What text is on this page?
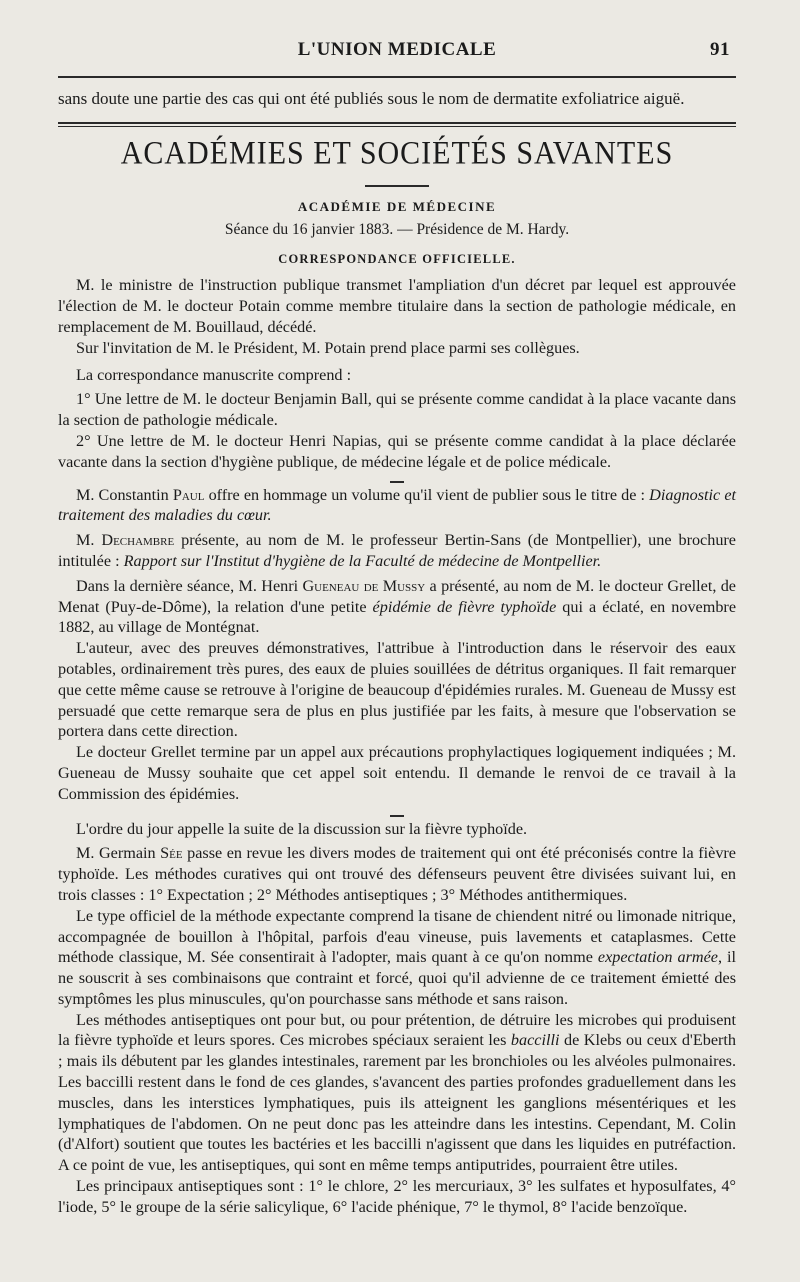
L'UNION MEDICALE	91

sans doute une partie des cas qui ont été publiés sous le nom de dermatite exfoliatrice aiguë.

ACADÉMIES ET SOCIÉTÉS SAVANTES
ACADÉMIE DE MÉDECINE
Séance du 16 janvier 1883. — Présidence de M. Hardy.
CORRESPONDANCE OFFICIELLE.

M. le ministre de l'instruction publique transmet l'ampliation d'un décret par lequel est approuvée l'élection de M. le docteur Potain comme membre titulaire dans la section de pathologie médicale, en remplacement de M. Bouillaud, décédé.

Sur l'invitation de M. le Président, M. Potain prend place parmi ses collègues.

La correspondance manuscrite comprend :

1° Une lettre de M. le docteur Benjamin Ball, qui se présente comme candidat à la place vacante dans la section de pathologie médicale.

2° Une lettre de M. le docteur Henri Napias, qui se présente comme candidat à la place déclarée vacante dans la section d'hygiène publique, de médecine légale et de police médicale.

M. Constantin Paul offre en hommage un volume qu'il vient de publier sous le titre de : Diagnostic et traitement des maladies du cœur.

M. Dechambre présente, au nom de M. le professeur Bertin-Sans (de Montpellier), une brochure intitulée : Rapport sur l'Institut d'hygiène de la Faculté de médecine de Montpellier.

Dans la dernière séance, M. Henri Gueneau de Mussy a présenté, au nom de M. le docteur Grellet, de Menat (Puy-de-Dôme), la relation d'une petite épidémie de fièvre typhoïde qui a éclaté, en novembre 1882, au village de Montégnat.

L'auteur, avec des preuves démonstratives, l'attribue à l'introduction dans le réservoir des eaux potables, ordinairement très pures, des eaux de pluies souillées de détritus organiques. Il fait remarquer que cette même cause se retrouve à l'origine de beaucoup d'épidémies rurales. M. Gueneau de Mussy est persuadé que cette remarque sera de plus en plus justifiée par les faits, à mesure que l'observation se portera dans cette direction.

Le docteur Grellet termine par un appel aux précautions prophylactiques logiquement indiquées ; M. Gueneau de Mussy souhaite que cet appel soit entendu. Il demande le renvoi de ce travail à la Commission des épidémies.

L'ordre du jour appelle la suite de la discussion sur la fièvre typhoïde.

M. Germain Sée passe en revue les divers modes de traitement qui ont été préconisés contre la fièvre typhoïde. Les méthodes curatives qui ont trouvé des défenseurs peuvent être divisées suivant lui, en trois classes : 1° Expectation ; 2° Méthodes antiseptiques ; 3° Méthodes antithermiques.

Le type officiel de la méthode expectante comprend la tisane de chiendent nitré ou limonade nitrique, accompagnée de bouillon à l'hôpital, parfois d'eau vineuse, puis lavements et cataplasmes. Cette méthode classique, M. Sée consentirait à l'adopter, mais quant à ce qu'on nomme expectation armée, il ne souscrit à ses combinaisons que contraint et forcé, quoi qu'il advienne de ce traitement émietté des symptômes les plus minuscules, qu'on pourchasse sans méthode et sans raison.

Les méthodes antiseptiques ont pour but, ou pour prétention, de détruire les microbes qui produisent la fièvre typhoïde et leurs spores. Ces microbes spéciaux seraient les baccilli de Klebs ou ceux d'Eberth ; mais ils débutent par les glandes intestinales, rarement par les bronchioles ou les alvéoles pulmonaires. Les baccilli restent dans le fond de ces glandes, s'avancent des parties profondes graduellement dans les muscles, dans les interstices lymphatiques, puis ils atteignent les ganglions mésentériques et les lymphatiques de l'abdomen. On ne peut donc pas les atteindre dans les intestins. Cependant, M. Colin (d'Alfort) soutient que toutes les bactéries et les baccilli n'agissent que dans les liquides en putréfaction. A ce point de vue, les antiseptiques, qui sont en même temps antiputrides, pourraient être utiles.

Les principaux antiseptiques sont : 1° le chlore, 2° les mercuriaux, 3° les sulfates et hyposulfates, 4° l'iode, 5° le groupe de la série salicylique, 6° l'acide phénique, 7° le thymol, 8° l'acide benzoïque.
